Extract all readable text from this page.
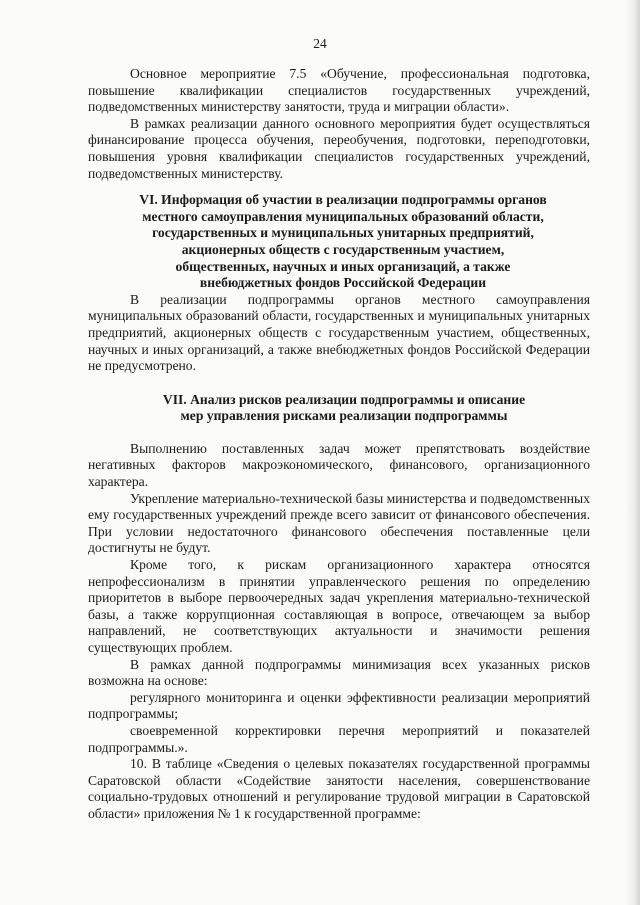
24

Основное мероприятие 7.5 «Обучение, профессиональная подготовка, повышение квалификации специалистов государственных учреждений, подведомственных министерству занятости, труда и миграции области».

В рамках реализации данного основного мероприятия будет осуществляться финансирование процесса обучения, переобучения, подготовки, переподготовки, повышения уровня квалификации специалистов государственных учреждений, подведомственных министерству.

VI. Информация об участии в реализации подпрограммы органов
местного самоуправления муниципальных образований области,
государственных и муниципальных унитарных предприятий,
акционерных обществ с государственным участием,
общественных, научных и иных организаций, а также
внебюджетных фондов Российской Федерации

В реализации подпрограммы органов местного самоуправления муниципальных образований области, государственных и муниципальных унитарных предприятий, акционерных обществ с государственным участием, общественных, научных и иных организаций, а также внебюджетных фондов Российской Федерации не предусмотрено.

VII. Анализ рисков реализации подпрограммы и описание
мер управления рисками реализации подпрограммы

Выполнению поставленных задач может препятствовать воздействие негативных факторов макроэкономического, финансового, организационного характера.

Укрепление материально-технической базы министерства и подведомственных ему государственных учреждений прежде всего зависит от финансового обеспечения. При условии недостаточного финансового обеспечения поставленные цели достигнуты не будут.

Кроме того, к рискам организационного характера относятся непрофессионализм в принятии управленческого решения по определению приоритетов в выборе первоочередных задач укрепления материально-технической базы, а также коррупционная составляющая в вопросе, отвечающем за выбор направлений, не соответствующих актуальности и значимости решения существующих проблем.

В рамках данной подпрограммы минимизация всех указанных рисков возможна на основе:

регулярного мониторинга и оценки эффективности реализации мероприятий подпрограммы;

своевременной корректировки перечня мероприятий и показателей подпрограммы.».

10. В таблице «Сведения о целевых показателях государственной программы Саратовской области «Содействие занятости населения, совершенствование социально-трудовых отношений и регулирование трудовой миграции в Саратовской области» приложения № 1 к государственной программе:
